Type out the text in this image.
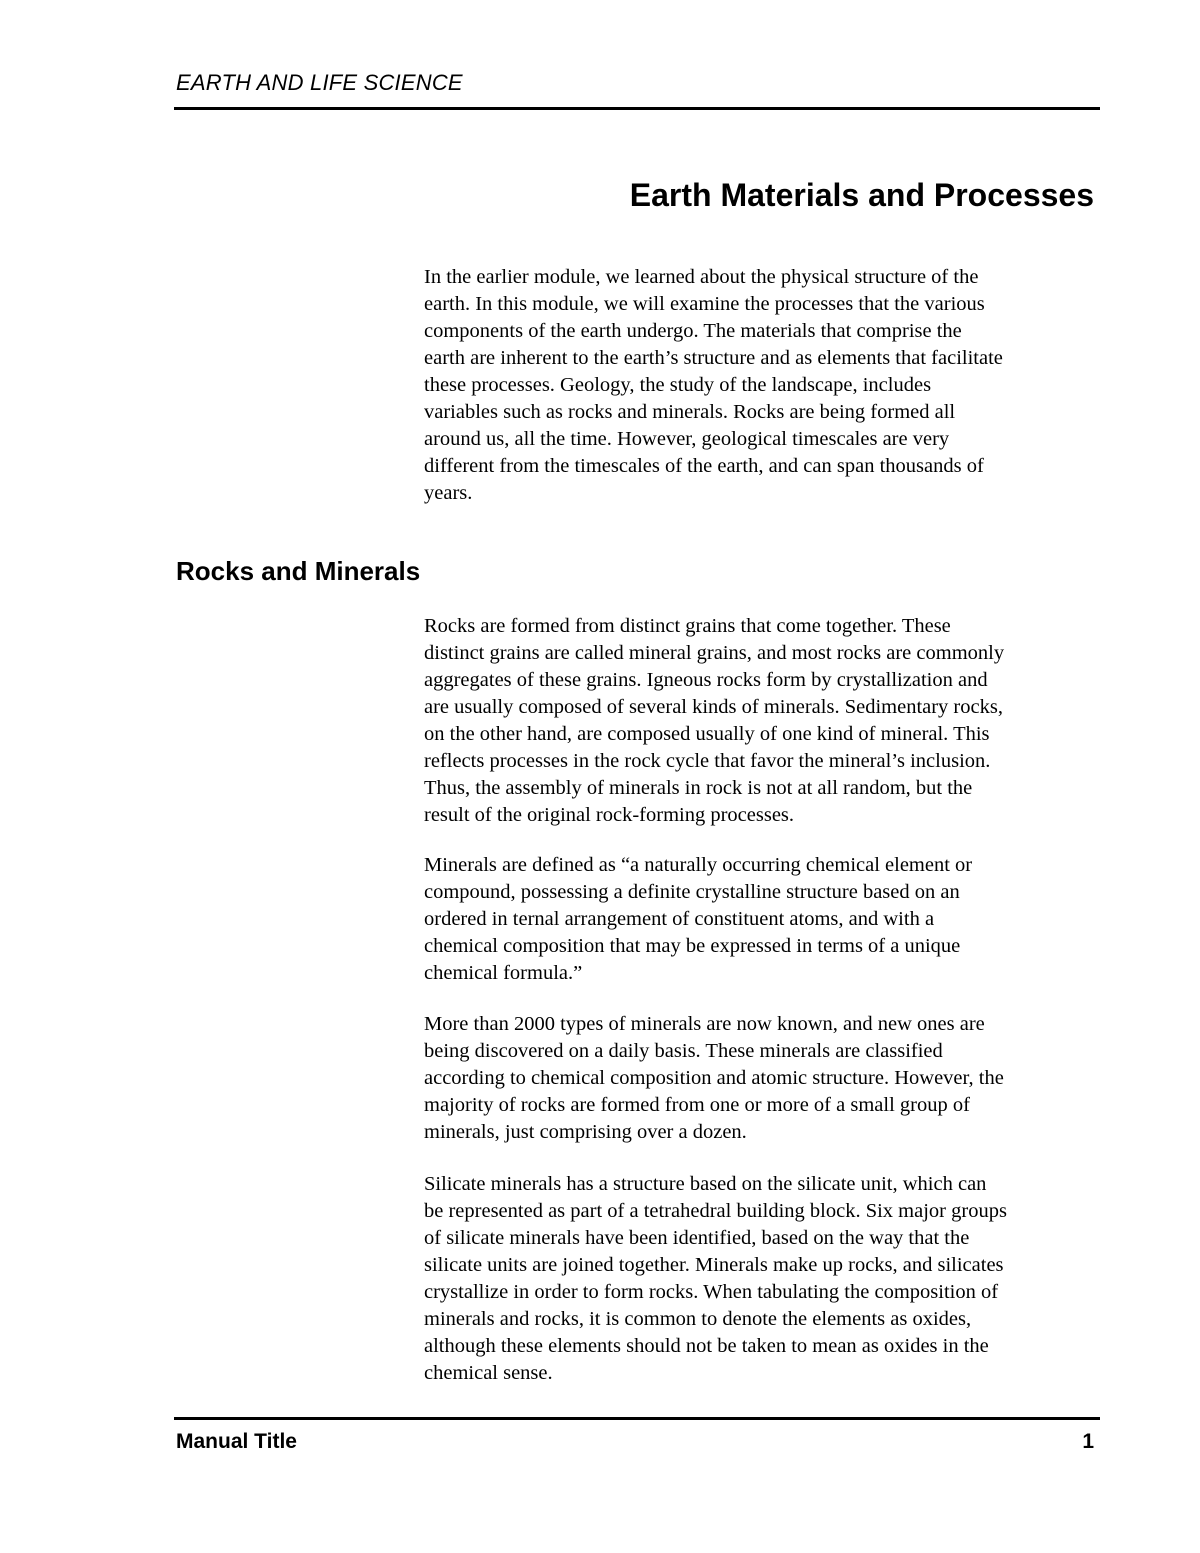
EARTH AND LIFE SCIENCE
Earth Materials and Processes
In the earlier module, we learned about the physical structure of the
earth. In this module, we will examine the processes that the various
components of the earth undergo. The materials that comprise the
earth are inherent to the earth’s structure and as elements that facilitate
these processes. Geology, the study of the landscape, includes
variables such as rocks and minerals. Rocks are being formed all
around us, all the time. However, geological timescales are very
different from the timescales of the earth, and can span thousands of
years.
Rocks and Minerals
Rocks are formed from distinct grains that come together. These
distinct grains are called mineral grains, and most rocks are commonly
aggregates of these grains. Igneous rocks form by crystallization and
are usually composed of several kinds of minerals. Sedimentary rocks,
on the other hand, are composed usually of one kind of mineral. This
reflects processes in the rock cycle that favor the mineral’s inclusion.
Thus, the assembly of minerals in rock is not at all random, but the
result of the original rock-forming processes.
Minerals are defined as “a naturally occurring chemical element or
compound, possessing a definite crystalline structure based on an
ordered in ternal arrangement of constituent atoms, and with a
chemical composition that may be expressed in terms of a unique
chemical formula.”
More than 2000 types of minerals are now known, and new ones are
being discovered on a daily basis. These minerals are classified
according to chemical composition and atomic structure. However, the
majority of rocks are formed from one or more of a small group of
minerals, just comprising over a dozen.
Silicate minerals has a structure based on the silicate unit, which can
be represented as part of a tetrahedral building block. Six major groups
of silicate minerals have been identified, based on the way that the
silicate units are joined together. Minerals make up rocks, and silicates
crystallize in order to form rocks. When tabulating the composition of
minerals and rocks, it is common to denote the elements as oxides,
although these elements should not be taken to mean as oxides in the
chemical sense.
Manual Title	1
